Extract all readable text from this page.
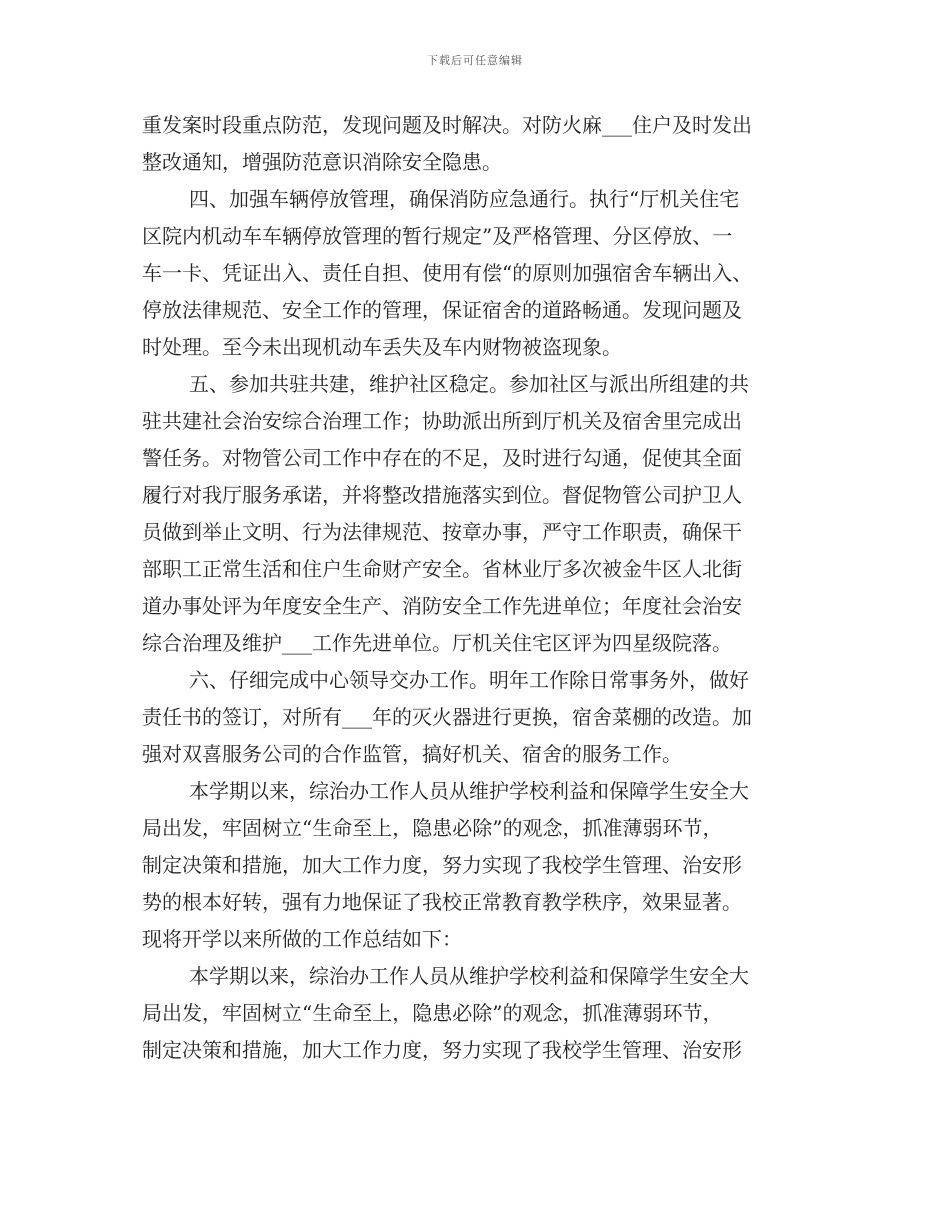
下载后可任意编辑
重发案时段重点防范，发现问题及时解决。对防火麻___住户及时发出
整改通知，增强防范意识消除安全隐患。
四、加强车辆停放管理，确保消防应急通行。执行“厅机关住宅
区院内机动车车辆停放管理的暂行规定”及严格管理、分区停放、一
车一卡、凭证出入、责任自担、使用有偿“的原则加强宿舍车辆出入、
停放法律规范、安全工作的管理，保证宿舍的道路畅通。发现问题及
时处理。至今未出现机动车丢失及车内财物被盗现象。
五、参加共驻共建，维护社区稳定。参加社区与派出所组建的共
驻共建社会治安综合治理工作；协助派出所到厅机关及宿舍里完成出
警任务。对物管公司工作中存在的不足，及时进行勾通，促使其全面
履行对我厅服务承诺，并将整改措施落实到位。督促物管公司护卫人
员做到举止文明、行为法律规范、按章办事，严守工作职责，确保干
部职工正常生活和住户生命财产安全。省林业厅多次被金牛区人北街
道办事处评为年度安全生产、消防安全工作先进单位；年度社会治安
综合治理及维护___工作先进单位。厅机关住宅区评为四星级院落。
六、仔细完成中心领导交办工作。明年工作除日常事务外，做好
责任书的签订，对所有___年的灭火器进行更换，宿舍菜棚的改造。加
强对双喜服务公司的合作监管，搞好机关、宿舍的服务工作。
本学期以来，综治办工作人员从维护学校利益和保障学生安全大
局出发，牢固树立“生命至上，隐患必除”的观念，抓准薄弱环节，
制定决策和措施，加大工作力度，努力实现了我校学生管理、治安形
势的根本好转，强有力地保证了我校正常教育教学秩序，效果显著。
现将开学以来所做的工作总结如下：
本学期以来，综治办工作人员从维护学校利益和保障学生安全大
局出发，牢固树立“生命至上，隐患必除”的观念，抓准薄弱环节，
制定决策和措施，加大工作力度，努力实现了我校学生管理、治安形
